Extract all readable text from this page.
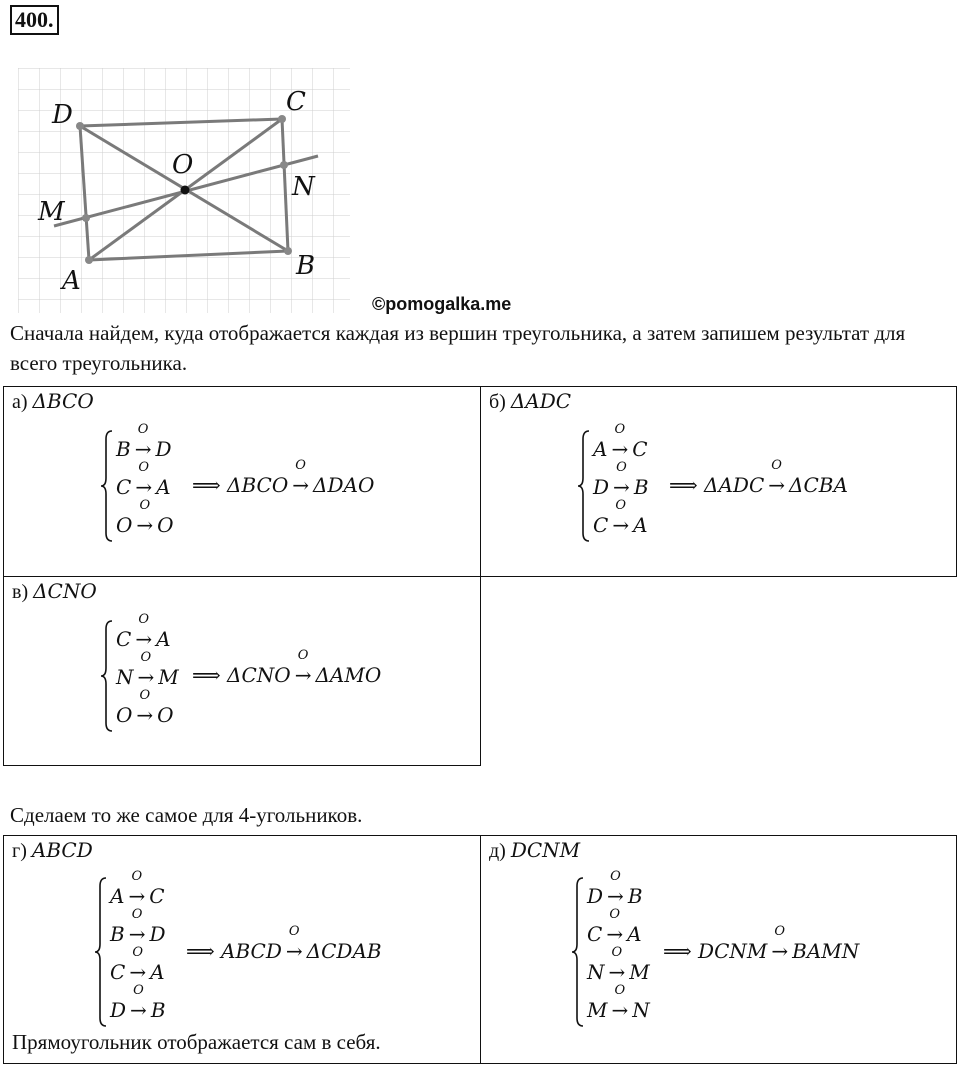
400.
D	C
O
N
M
A	B
©pomogalka.me
Сначала найдем, куда отображается каждая из вершин треугольника, а затем запишем результат для всего треугольника.
а) ΔBCO
B →
O
D
C →
O
A
O →
O
O
⟹ ΔBCO →
O
ΔDAO
б) ΔADC
A →
O
C
D →
O
B
C →
O
A
⟹ ΔADC →
O
ΔCBA
в) ΔCNO
C →
O
A
N →
O
M
O →
O
O
⟹ ΔCNO →
O
ΔAMO
Сделаем то же самое для 4-угольников.
г) ABCD
A →
O
C
B →
O
D
C →
O
A
D →
O
B
⟹ ABCD →
O
ΔCDAB
Прямоугольник отображается сам в себя.
д) DCNM
D →
O
B
C →
O
A
N →
O
M
M →
O
N
⟹ DCNM →
O
BAMN
